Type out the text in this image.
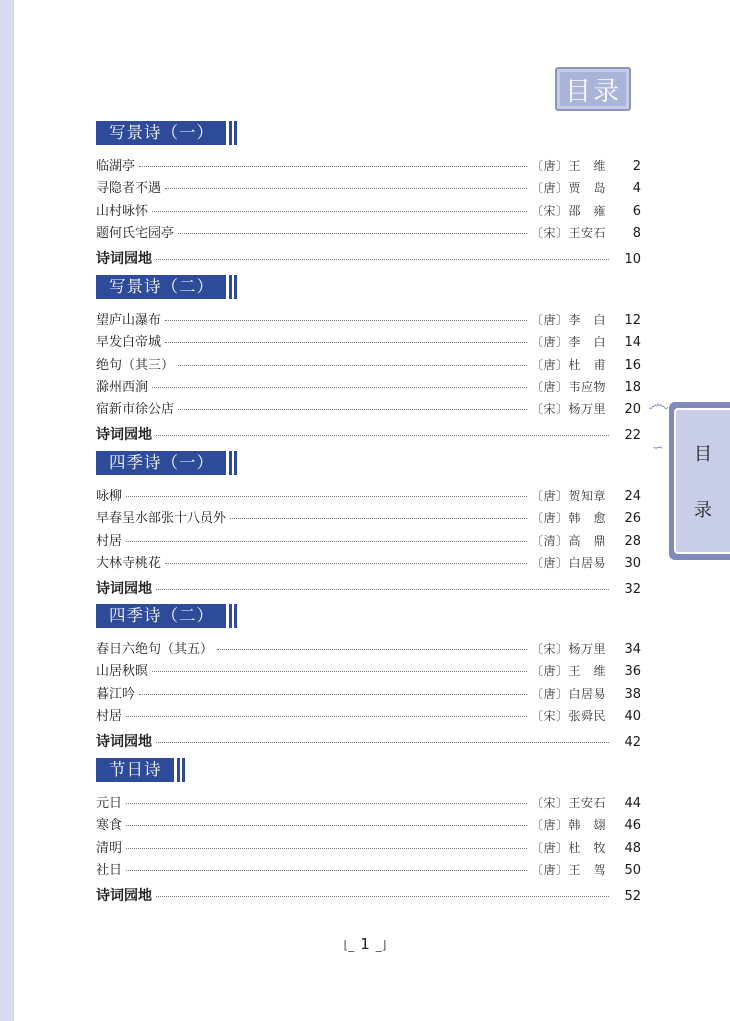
目录
෴
∽ 目
录
写景诗（一）
临湖亭	〔唐〕王　维	2
寻隐者不遇	〔唐〕贾　岛	4
山村咏怀	〔宋〕邵　雍	6
题何氏宅园亭	〔宋〕王安石	8
诗词园地	10
写景诗（二）
望庐山瀑布	〔唐〕李　白	12
早发白帝城	〔唐〕李　白	14
绝句（其三）	〔唐〕杜　甫	16
滁州西涧	〔唐〕韦应物	18
宿新市徐公店	〔宋〕杨万里	20
诗词园地	22
四季诗（一）
咏柳	〔唐〕贺知章	24
早春呈水部张十八员外	〔唐〕韩　愈	26
村居	〔清〕高　鼎	28
大林寺桃花	〔唐〕白居易	30
诗词园地	32
四季诗（二）
春日六绝句（其五）	〔宋〕杨万里	34
山居秋暝	〔唐〕王　维	36
暮江吟	〔唐〕白居易	38
村居	〔宋〕张舜民	40
诗词园地	42
节日诗
元日	〔宋〕王安石	44
寒食	〔唐〕韩　翃	46
清明	〔唐〕杜　牧	48
社日	〔唐〕王　驾	50
诗词园地	52
⌊_ 1 _⌋
